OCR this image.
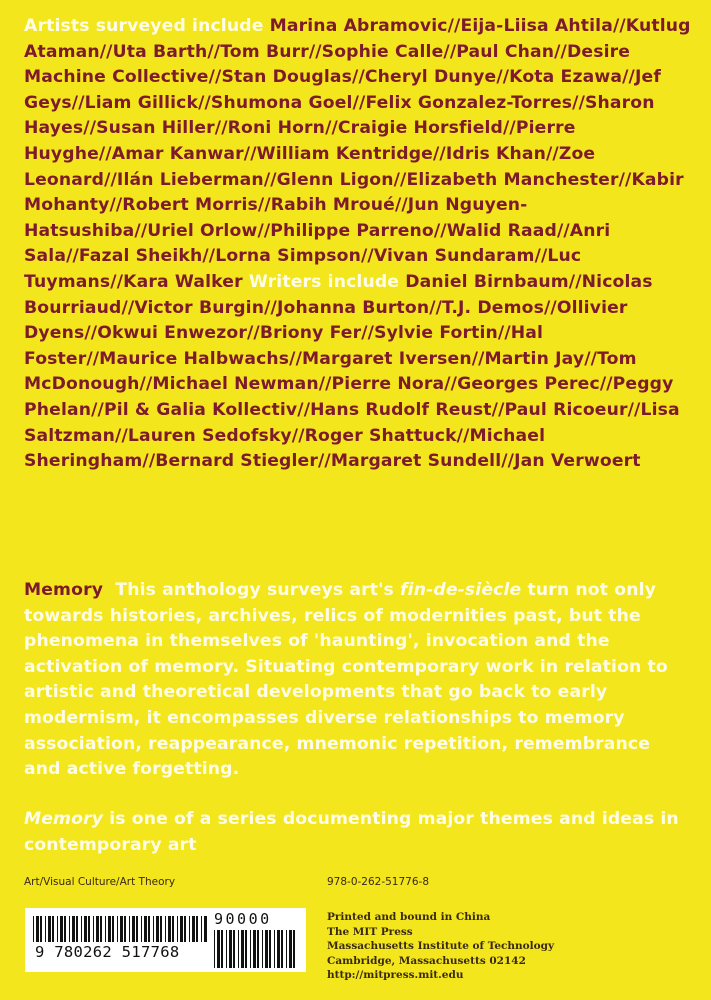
Artists surveyed include Marina Abramovic//Eija-Liisa Ahtila//Kutlug Ataman//Uta Barth//Tom Burr//Sophie Calle//Paul Chan//Desire Machine Collective//Stan Douglas//Cheryl Dunye//Kota Ezawa//Jef Geys//Liam Gillick//Shumona Goel//Felix Gonzalez-Torres//Sharon Hayes//Susan Hiller//Roni Horn//Craigie Horsfield//Pierre Huyghe//Amar Kanwar//William Kentridge//Idris Khan//Zoe Leonard//Ilán Lieberman//Glenn Ligon//Elizabeth Manchester//Kabir Mohanty//Robert Morris//Rabih Mroué//Jun Nguyen-Hatsushiba//Uriel Orlow//Philippe Parreno//Walid Raad//Anri Sala//Fazal Sheikh//Lorna Simpson//Vivan Sundaram//Luc Tuymans//Kara Walker Writers include Daniel Birnbaum//Nicolas Bourriaud//Victor Burgin//Johanna Burton//T.J. Demos//Ollivier Dyens//Okwui Enwezor//Briony Fer//Sylvie Fortin//Hal Foster//Maurice Halbwachs//Margaret Iversen//Martin Jay//Tom McDonough//Michael Newman//Pierre Nora//Georges Perec//Peggy Phelan//Pil & Galia Kollectiv//Hans Rudolf Reust//Paul Ricoeur//Lisa Saltzman//Lauren Sedofsky//Roger Shattuck//Michael Sheringham//Bernard Stiegler//Margaret Sundell//Jan Verwoert
Memory This anthology surveys art's fin-de-siècle turn not only towards histories, archives, relics of modernities past, but the phenomena in themselves of 'haunting', invocation and the activation of memory. Situating contemporary work in relation to artistic and theoretical developments that go back to early modernism, it encompasses diverse relationships to memory association, reappearance, mnemonic repetition, remembrance and active forgetting.
Memory is one of a series documenting major themes and ideas in contemporary art
Art/Visual Culture/Art Theory	978-0-262-51776-8
9 780262 517768
90000	Printed and bound in China
The MIT Press
Massachusetts Institute of Technology
Cambridge, Massachusetts 02142
http://mitpress.mit.edu
